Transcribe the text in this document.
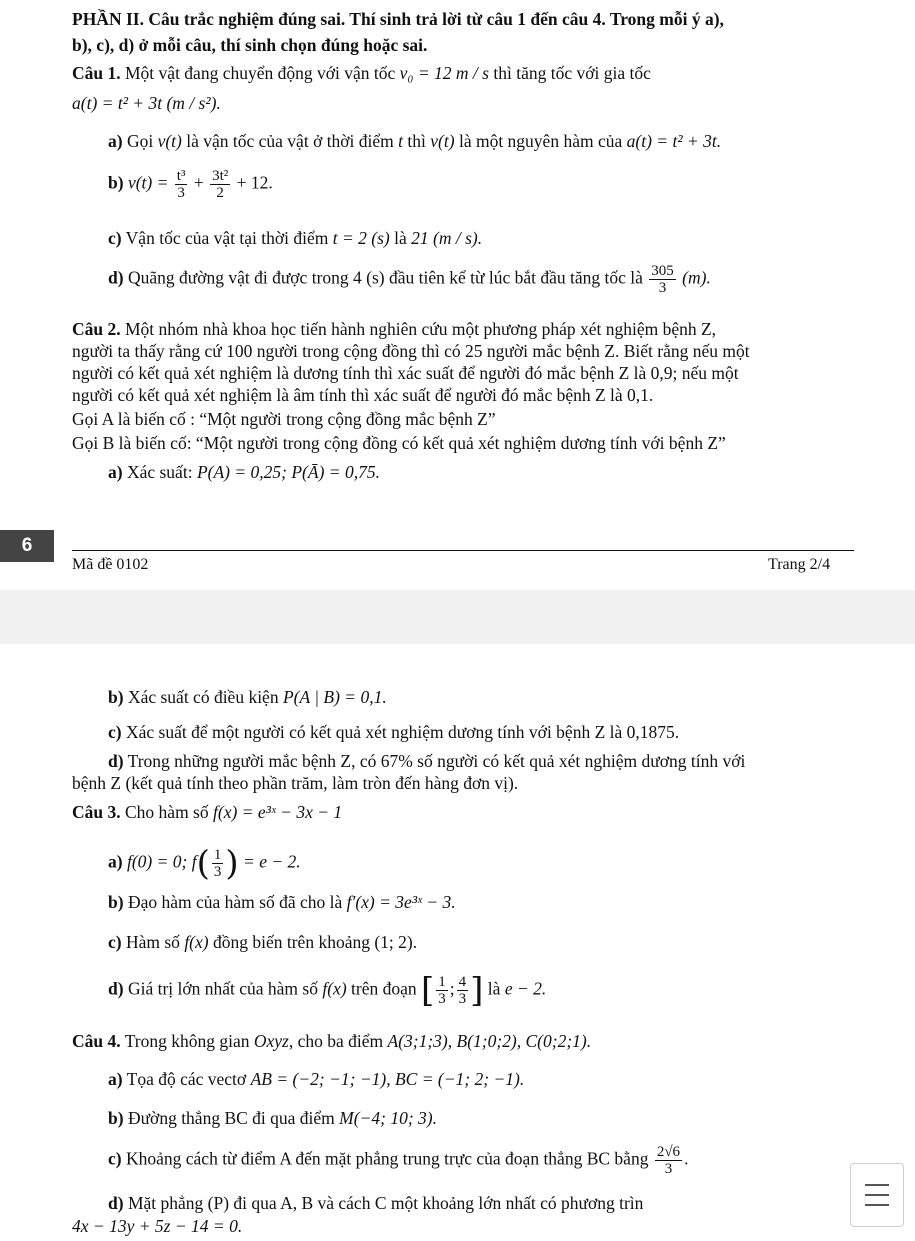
PHẦN II. Câu trắc nghiệm đúng sai. Thí sinh trả lời từ câu 1 đến câu 4. Trong mỗi ý a),
b), c), d) ở mỗi câu, thí sinh chọn đúng hoặc sai.
Câu 1. Một vật đang chuyển động với vận tốc v₀ = 12 m / s thì tăng tốc với gia tốc
a(t) = t² + 3t (m / s²).
a) Gọi v(t) là vận tốc của vật ở thời điểm t thì v(t) là một nguyên hàm của a(t) = t² + 3t.
b) $v(t) = \frac{\text{t³}}{3} + \frac{\text{3t²}}{2} + 12$.
c) Vận tốc của vật tại thời điểm t = 2 (s) là 21 (m / s).
d) Quãng đường vật đi được trong 4 (s) đầu tiên kể từ lúc bắt đầu tăng tốc là $\frac{305}{3} (m)$.
Câu 2. Một nhóm nhà khoa học tiến hành nghiên cứu một phương pháp xét nghiệm bệnh Z,
người ta thấy rằng cứ 100 người trong cộng đồng thì có 25 người mắc bệnh Z. Biết rằng nếu một
người có kết quả xét nghiệm là dương tính thì xác suất để người đó mắc bệnh Z là 0,9; nếu một
người có kết quả xét nghiệm là âm tính thì xác suất để người đó mắc bệnh Z là 0,1.
Gọi A là biến cố : “Một người trong cộng đồng mắc bệnh Z”
Gọi B là biến cố: “Một người trong cộng đồng có kết quả xét nghiệm dương tính với bệnh Z”
a) Xác suất: P(A) = 0,25; P(Ā) = 0,75.
6
Mã đề 0102	Trang 2/4
b) Xác suất có điều kiện P(A | B) = 0,1.
c) Xác suất để một người có kết quả xét nghiệm dương tính với bệnh Z là 0,1875.
d) Trong những người mắc bệnh Z, có 67% số người có kết quả xét nghiệm dương tính với
bệnh Z (kết quả tính theo phần trăm, làm tròn đến hàng đơn vị).
Câu 3. Cho hàm số f(x) = e³ˣ − 3x − 1
a) f(0) = 0; $f( \frac{1}{3}$ ) = e − 2.
b) Đạo hàm của hàm số đã cho là f′(x) = 3e³ˣ − 3.
c) Hàm số f(x) đồng biến trên khoảng (1; 2).
d) Giá trị lớn nhất của hàm số f(x) trên đoạn [ $\frac{1}{3}$ ; $\frac{4}{3}$ ] là e − 2.
Câu 4. Trong không gian Oxyz, cho ba điểm A(3;1;3), B(1;0;2), C(0;2;1).
a) Tọa độ các vectơ AB = (−2; −1; −1), BC = (−1; 2; −1).
b) Đường thẳng BC đi qua điểm M(−4; 10; 3).
c) Khoảng cách từ điểm A đến mặt phẳng trung trực của đoạn thẳng BC bằng $\frac{2√6}{3}$ .
d) Mặt phẳng (P) đi qua A, B và cách C một khoảng lớn nhất có phương trìn
4x − 13y + 5z − 14 = 0.
